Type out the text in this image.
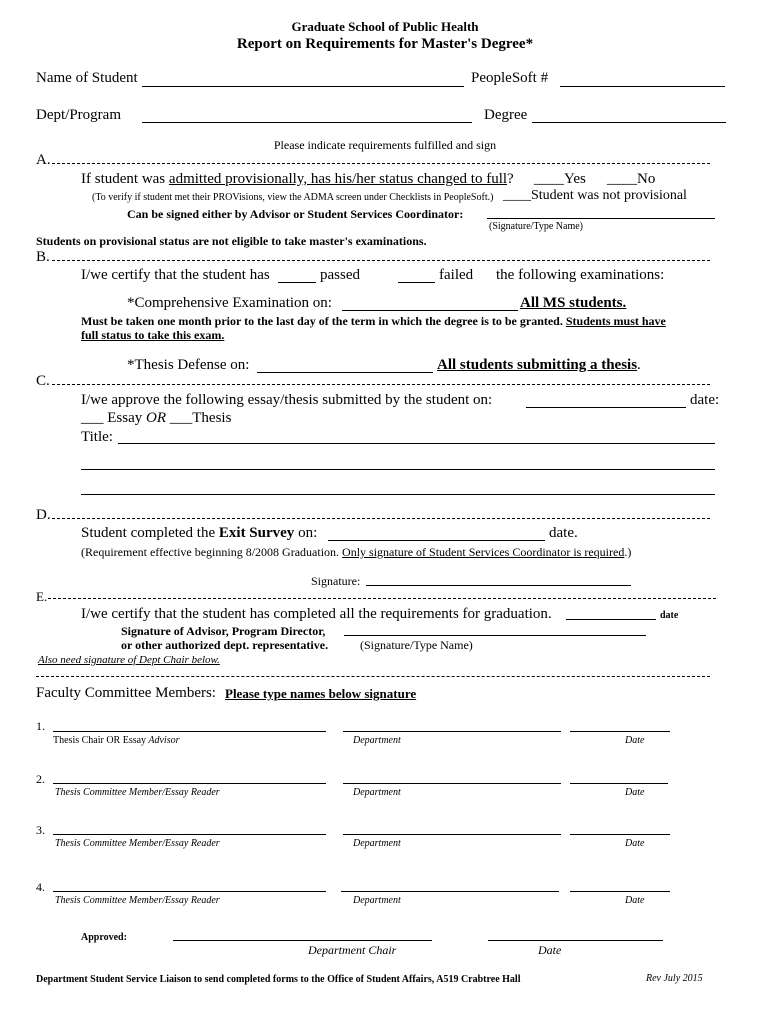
Graduate School of Public Health
Report on Requirements for Master's Degree*
Name of Student	PeopleSoft #
Dept/Program	Degree
Please indicate requirements fulfilled and sign
A.
If student was admitted provisionally, has his/her status changed to full? ____Yes ____No
(To verify if student met their PROVisions, view the ADMA screen under Checklists in PeopleSoft.) ____Student was not provisional
Can be signed either by Advisor or Student Services Coordinator:
(Signature/Type Name)
Students on provisional status are not eligible to take master's examinations.
B.
I/we certify that the student has	passed	failed the following examinations:
*Comprehensive Examination on:	All MS students.
Must be taken one month prior to the last day of the term in which the degree is to be granted. Students must have
full status to take this exam.
*Thesis Defense on:	All students submitting a thesis.
C.
I/we approve the following essay/thesis submitted by the student on:	date:
___ Essay OR ___Thesis
Title:
D.
Student completed the Exit Survey on:	date.
(Requirement effective beginning 8/2008 Graduation. Only signature of Student Services Coordinator is required.)
Signature:
E.
I/we certify that the student has completed all the requirements for graduation.	date
Signature of Advisor, Program Director,
or other authorized dept. representative.	(Signature/Type Name)
Also need signature of Dept Chair below.
Faculty Committee Members: Please type names below signature
1.
Thesis Chair OR Essay Advisor	Department	Date
2.
Thesis Committee Member/Essay Reader	Department	Date
3.
Thesis Committee Member/Essay Reader	Department	Date
4.
Thesis Committee Member/Essay Reader	Department	Date
Approved:
Department Chair	Date
Department Student Service Liaison to send completed forms to the Office of Student Affairs, A519 Crabtree Hall	Rev July 2015
